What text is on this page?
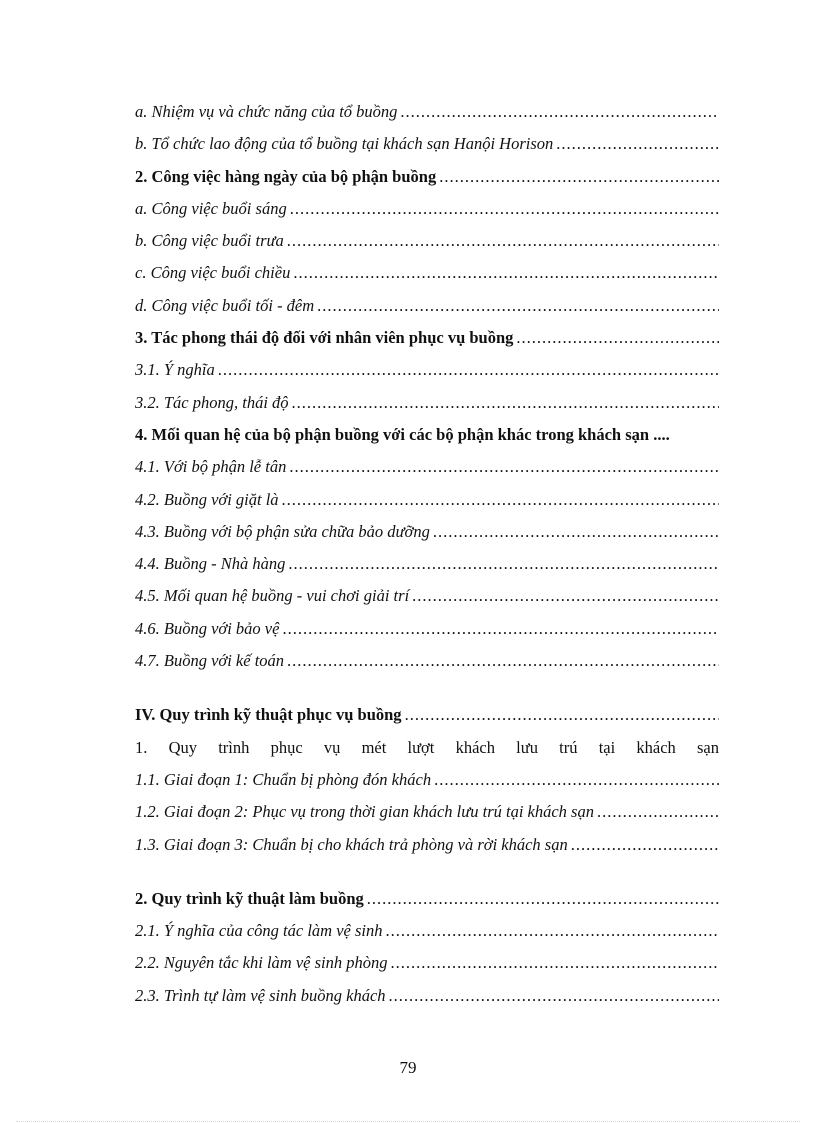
a. Nhiệm vụ và chức năng của tổ buồng
.....
b. Tổ chức lao động của tổ buồng tại khách sạn Hanội Horison
.....
2. Công việc hàng ngày của bộ phận buồng
.....
a. Công việc buổi sáng
.....
b. Công việc buổi trưa
.....
c. Công việc buổi chiều
.....
d. Công việc buổi tối - đêm
.....
3. Tác phong thái độ đối với nhân viên phục vụ buồng
.....
3.1. Ý nghĩa
.....
3.2. Tác phong, thái độ
.....
4. Mối quan hệ của bộ phận buồng với các bộ phận khác trong khách sạn ....
4.1. Với bộ phận lễ tân
.....
4.2. Buồng với giặt là
.....
4.3. Buồng với bộ phận sửa chữa bảo dưỡng
.....
4.4. Buồng - Nhà hàng
.....
4.5. Mối quan hệ buồng - vui chơi giải trí
.....
4.6. Buồng với bảo vệ
.....
4.7. Buồng với kế toán
.....
IV. Quy trình kỹ thuật phục vụ buồng
.....
1. Quy trình phục vụ mét lượt khách lưu trú tại khách sạn
1.1. Giai đoạn 1: Chuẩn bị phòng đón khách
.....
1.2. Giai đoạn 2: Phục vụ trong thời gian khách lưu trú tại khách sạn
.....
1.3. Giai đoạn 3: Chuẩn bị cho khách trả phòng và rời khách sạn
.....
2. Quy trình kỹ thuật làm buồng
.....
2.1. Ý nghĩa của công tác làm vệ sinh
.....
2.2. Nguyên tắc khi làm vệ sinh phòng
.....
2.3. Trình tự làm vệ sinh buồng khách
.....
79
